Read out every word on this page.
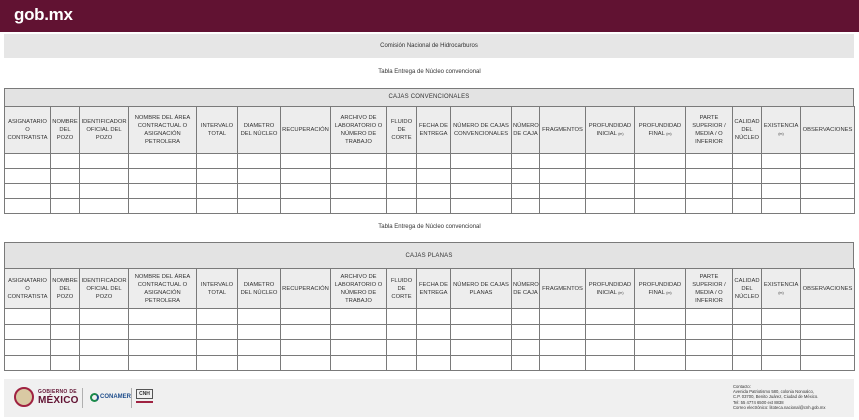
gob.mx
Comisión Nacional de Hidrocarburos
Tabla Entrega de Núcleo convencional
CAJAS CONVENCIONALES
ASIGNATARIO O CONTRATISTA	NOMBRE DEL POZO	IDENTIFICADOR OFICIAL DEL POZO	NOMBRE DEL ÁREA CONTRACTUAL O ASIGNACIÓN PETROLERA	INTERVALO TOTAL	DIAMETRO DEL NÚCLEO	RECUPERACIÓN	ARCHIVO DE LABORATORIO O NÚMERO DE TRABAJO	FLUIDO DE CORTE	FECHA DE ENTREGA	NÚMERO DE CAJAS CONVENCIONALES	NÚMERO DE CAJA	FRAGMENTOS	PROFUNDIDAD INICIAL (m)	PROFUNDIDAD FINAL (m)	PARTE SUPERIOR / MEDIA / O INFERIOR	CALIDAD DEL NÚCLEO	EXISTENCIA (m)	OBSERVACIONES

Tabla Entrega de Núcleo convencional
CAJAS PLANAS
ASIGNATARIO O CONTRATISTA	NOMBRE DEL POZO	IDENTIFICADOR OFICIAL DEL POZO	NOMBRE DEL ÁREA CONTRACTUAL O ASIGNACIÓN PETROLERA	INTERVALO TOTAL	DIAMETRO DEL NÚCLEO	RECUPERACIÓN	ARCHIVO DE LABORATORIO O NÚMERO DE TRABAJO	FLUIDO DE CORTE	FECHA DE ENTREGA	NÚMERO DE CAJAS PLANAS	NÚMERO DE CAJA	FRAGMENTOS	PROFUNDIDAD INICIAL (m)	PROFUNDIDAD FINAL (m)	PARTE SUPERIOR / MEDIA / O INFERIOR	CALIDAD DEL NÚCLEO	EXISTENCIA (m)	OBSERVACIONES

GOBIERNO DE
MÉXICO	CONAMER	CNH
Contacto:
Avenida Patriotismo 580, colonia Nonoalco,
C.P. 03700, Benito Juárez, Ciudad de México.
Tel: 55 4774 6500 ext 8838
Correo electrónico: litoteca.nacional@cnh.gob.mx
